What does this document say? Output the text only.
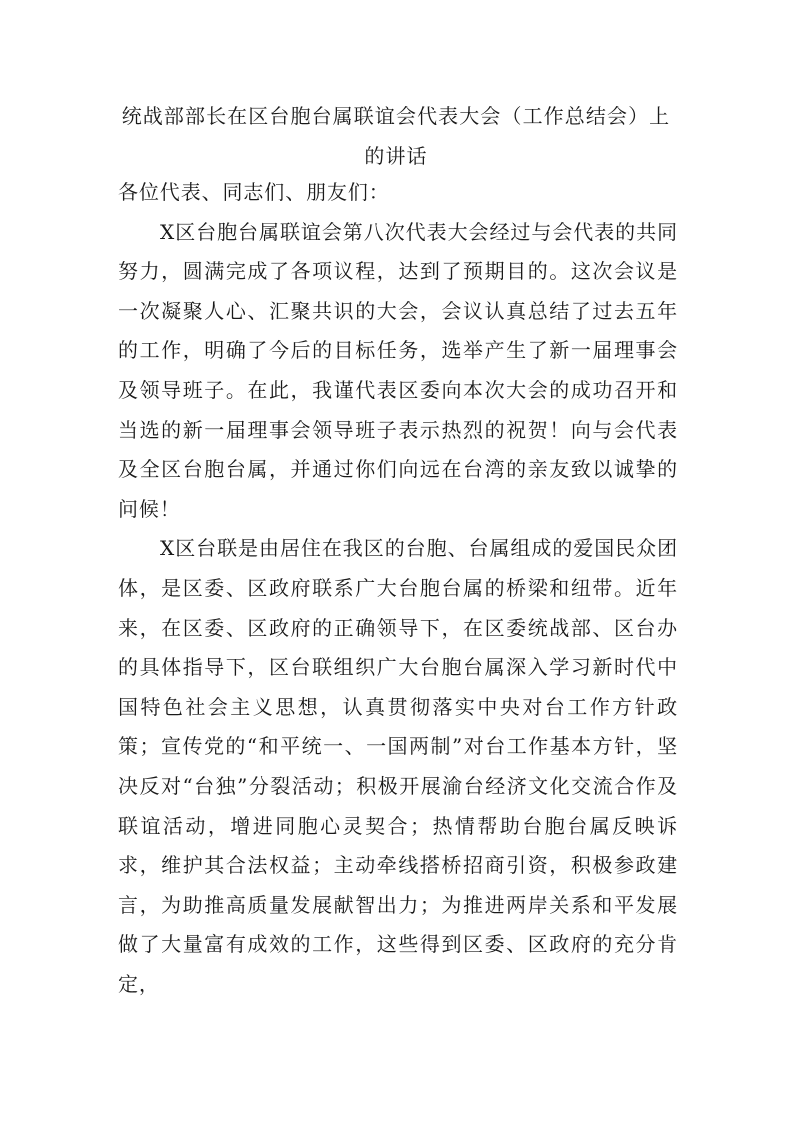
统战部部长在区台胞台属联谊会代表大会（工作总结会）上的讲话

各位代表、同志们、朋友们：

X区台胞台属联谊会第八次代表大会经过与会代表的共同努力，圆满完成了各项议程，达到了预期目的。这次会议是一次凝聚人心、汇聚共识的大会，会议认真总结了过去五年的工作，明确了今后的目标任务，选举产生了新一届理事会及领导班子。在此，我谨代表区委向本次大会的成功召开和当选的新一届理事会领导班子表示热烈的祝贺！向与会代表及全区台胞台属，并通过你们向远在台湾的亲友致以诚挚的问候！

X区台联是由居住在我区的台胞、台属组成的爱国民众团体，是区委、区政府联系广大台胞台属的桥梁和纽带。近年来，在区委、区政府的正确领导下，在区委统战部、区台办的具体指导下，区台联组织广大台胞台属深入学习新时代中国特色社会主义思想，认真贯彻落实中央对台工作方针政策；宣传党的“和平统一、一国两制”对台工作基本方针，坚决反对“台独”分裂活动；积极开展渝台经济文化交流合作及联谊活动，增进同胞心灵契合；热情帮助台胞台属反映诉求，维护其合法权益；主动牵线搭桥招商引资，积极参政建言，为助推高质量发展献智出力；为推进两岸关系和平发展做了大量富有成效的工作，这些得到区委、区政府的充分肯定，
